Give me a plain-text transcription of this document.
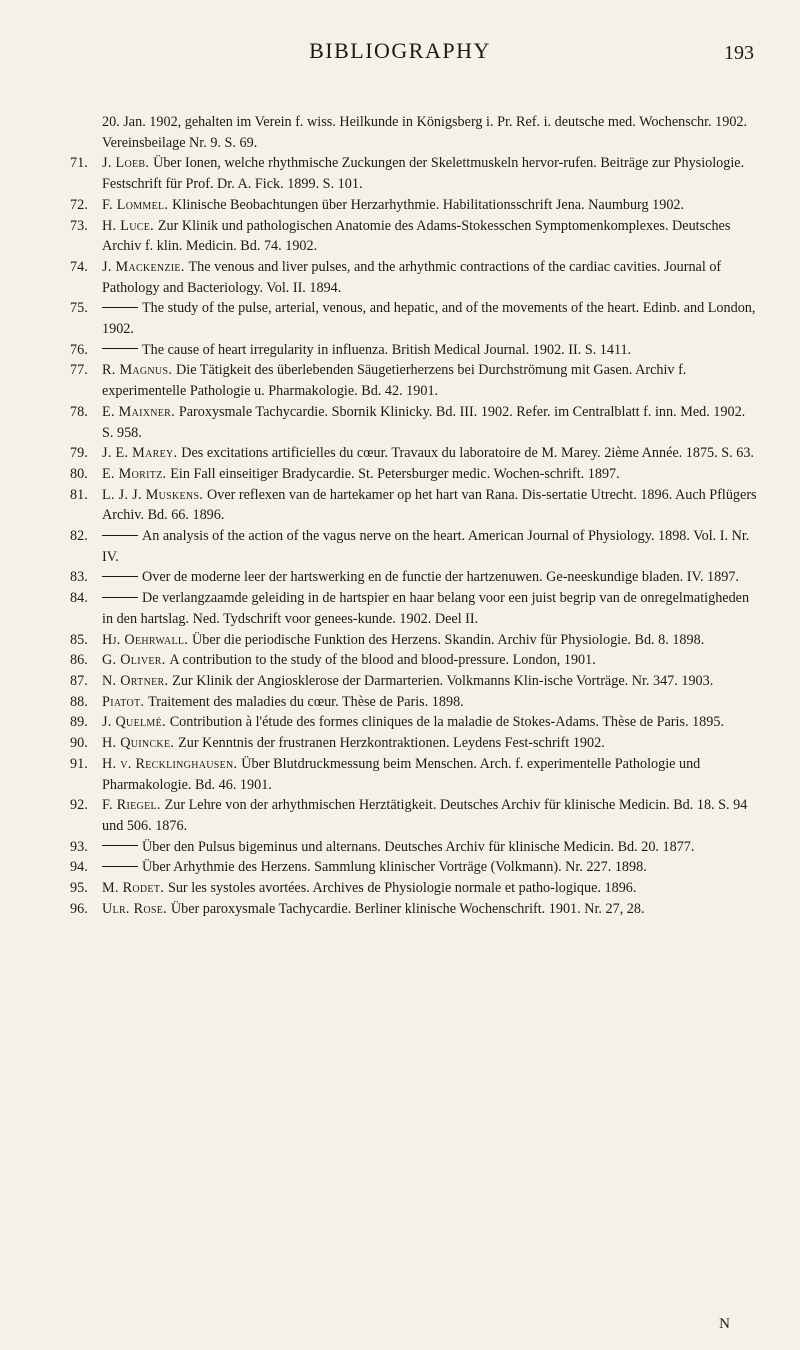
BIBLIOGRAPHY	193
20. Jan. 1902, gehalten im Verein f. wiss. Heilkunde in Königsberg i. Pr. Ref. i. deutsche med. Wochenschr. 1902. Vereinsbeilage Nr. 9. S. 69.
71. J. Loeb. Über Ionen, welche rhythmische Zuckungen der Skelettmuskeln hervor-rufen. Beiträge zur Physiologie. Festschrift für Prof. Dr. A. Fick. 1899. S. 101.
72. F. Lommel. Klinische Beobachtungen über Herzarhythmie. Habilitationsschrift Jena. Naumburg 1902.
73. H. Luce. Zur Klinik und pathologischen Anatomie des Adams-Stokesschen Symptomenkomplexes. Deutsches Archiv f. klin. Medicin. Bd. 74. 1902.
74. J. Mackenzie. The venous and liver pulses, and the arhythmic contractions of the cardiac cavities. Journal of Pathology and Bacteriology. Vol. II. 1894.
75.	The study of the pulse, arterial, venous, and hepatic, and of the movements of the heart. Edinb. and London, 1902.
76.	The cause of heart irregularity in influenza. British Medical Journal. 1902. II. S. 1411.
77. R. Magnus. Die Tätigkeit des überlebenden Säugetierherzens bei Durchströmung mit Gasen. Archiv f. experimentelle Pathologie u. Pharmakologie. Bd. 42. 1901.
78. E. Maixner. Paroxysmale Tachycardie. Sbornik Klinicky. Bd. III. 1902. Refer. im Centralblatt f. inn. Med. 1902. S. 958.
79. J. E. Marey. Des excitations artificielles du cœur. Travaux du laboratoire de M. Marey. 2ième Année. 1875. S. 63.
80. E. Moritz. Ein Fall einseitiger Bradycardie. St. Petersburger medic. Wochen-schrift. 1897.
81. L. J. J. Muskens. Over reflexen van de hartekamer op het hart van Rana. Dis-sertatie Utrecht. 1896. Auch Pflügers Archiv. Bd. 66. 1896.
82.	An analysis of the action of the vagus nerve on the heart. American Journal of Physiology. 1898. Vol. I. Nr. IV.
83.	Over de moderne leer der hartswerking en de functie der hartzenuwen. Ge-neeskundige bladen. IV. 1897.
84.	De verlangzaamde geleiding in de hartspier en haar belang voor een juist begrip van de onregelmatigheden in den hartslag. Ned. Tydschrift voor genees-kunde. 1902. Deel II.
85. Hj. Oehrwall. Über die periodische Funktion des Herzens. Skandin. Archiv für Physiologie. Bd. 8. 1898.
86. G. Oliver. A contribution to the study of the blood and blood-pressure. London, 1901.
87. N. Ortner. Zur Klinik der Angiosklerose der Darmarterien. Volkmanns Klin-ische Vorträge. Nr. 347. 1903.
88. Piatot. Traitement des maladies du cœur. Thèse de Paris. 1898.
89. J. Quelmé. Contribution à l'étude des formes cliniques de la maladie de Stokes-Adams. Thèse de Paris. 1895.
90. H. Quincke. Zur Kenntnis der frustranen Herzkontraktionen. Leydens Fest-schrift 1902.
91. H. v. Recklinghausen. Über Blutdruckmessung beim Menschen. Arch. f. experimentelle Pathologie und Pharmakologie. Bd. 46. 1901.
92. F. Riegel. Zur Lehre von der arhythmischen Herztätigkeit. Deutsches Archiv für klinische Medicin. Bd. 18. S. 94 und 506. 1876.
93.	Über den Pulsus bigeminus und alternans. Deutsches Archiv für klinische Medicin. Bd. 20. 1877.
94.	Über Arhythmie des Herzens. Sammlung klinischer Vorträge (Volkmann). Nr. 227. 1898.
95. M. Rodet. Sur les systoles avortées. Archives de Physiologie normale et patho-logique. 1896.
96. Ulr. Rose. Über paroxysmale Tachycardie. Berliner klinische Wochenschrift. 1901. Nr. 27, 28.
N
